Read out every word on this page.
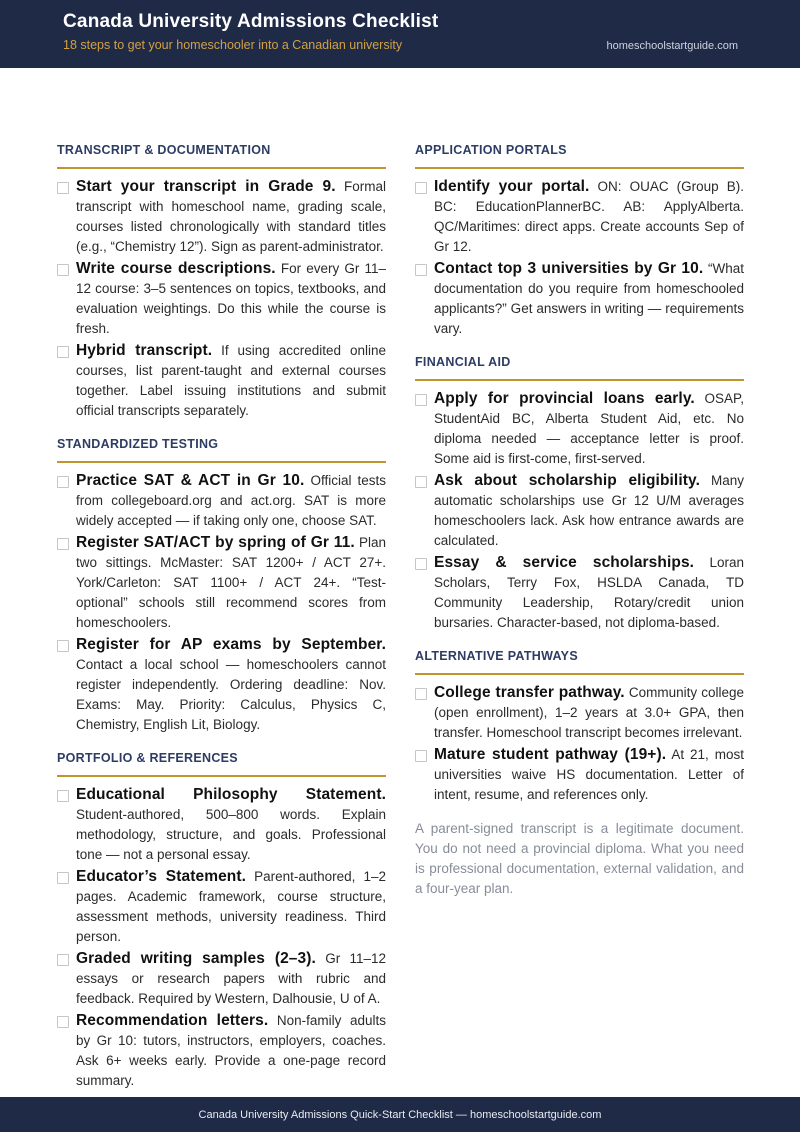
Canada University Admissions Checklist
18 steps to get your homeschooler into a Canadian university	homeschoolstartguide.com
TRANSCRIPT & DOCUMENTATION

Start your transcript in Grade 9. Formal transcript with homeschool name, grading scale, courses listed chronologically with standard titles (e.g., “Chemistry 12”). Sign as parent-administrator.

Write course descriptions. For every Gr 11–12 course: 3–5 sentences on topics, textbooks, and evaluation weightings. Do this while the course is fresh.

Hybrid transcript. If using accredited online courses, list parent-taught and external courses together. Label issuing institutions and submit official transcripts separately.

STANDARDIZED TESTING

Practice SAT & ACT in Gr 10. Official tests from collegeboard.org and act.org. SAT is more widely accepted — if taking only one, choose SAT.

Register SAT/ACT by spring of Gr 11. Plan two sittings. McMaster: SAT 1200+ / ACT 27+. York/Carleton: SAT 1100+ / ACT 24+. “Test-optional” schools still recommend scores from homeschoolers.

Register for AP exams by September. Contact a local school — homeschoolers cannot register independently. Ordering deadline: Nov. Exams: May. Priority: Calculus, Physics C, Chemistry, English Lit, Biology.

PORTFOLIO & REFERENCES

Educational Philosophy Statement. Student-authored, 500–800 words. Explain methodology, structure, and goals. Professional tone — not a personal essay.

Educator’s Statement. Parent-authored, 1–2 pages. Academic framework, course structure, assessment methods, university readiness. Third person.

Graded writing samples (2–3). Gr 11–12 essays or research papers with rubric and feedback. Required by Western, Dalhousie, U of A.

Recommendation letters. Non-family adults by Gr 10: tutors, instructors, employers, coaches. Ask 6+ weeks early. Provide a one-page record summary.

APPLICATION PORTALS

Identify your portal. ON: OUAC (Group B). BC: EducationPlannerBC. AB: ApplyAlberta. QC/Maritimes: direct apps. Create accounts Sep of Gr 12.

Contact top 3 universities by Gr 10. “What documentation do you require from homeschooled applicants?” Get answers in writing — requirements vary.

FINANCIAL AID

Apply for provincial loans early. OSAP, StudentAid BC, Alberta Student Aid, etc. No diploma needed — acceptance letter is proof. Some aid is first-come, first-served.

Ask about scholarship eligibility. Many automatic scholarships use Gr 12 U/M averages homeschoolers lack. Ask how entrance awards are calculated.

Essay & service scholarships. Loran Scholars, Terry Fox, HSLDA Canada, TD Community Leadership, Rotary/credit union bursaries. Character-based, not diploma-based.

ALTERNATIVE PATHWAYS

College transfer pathway. Community college (open enrollment), 1–2 years at 3.0+ GPA, then transfer. Homeschool transcript becomes irrelevant.

Mature student pathway (19+). At 21, most universities waive HS documentation. Letter of intent, resume, and references only.

A parent-signed transcript is a legitimate document. You do not need a provincial diploma. What you need is professional documentation, external validation, and a four-year plan.

Canada University Admissions Quick-Start Checklist — homeschoolstartguide.com
